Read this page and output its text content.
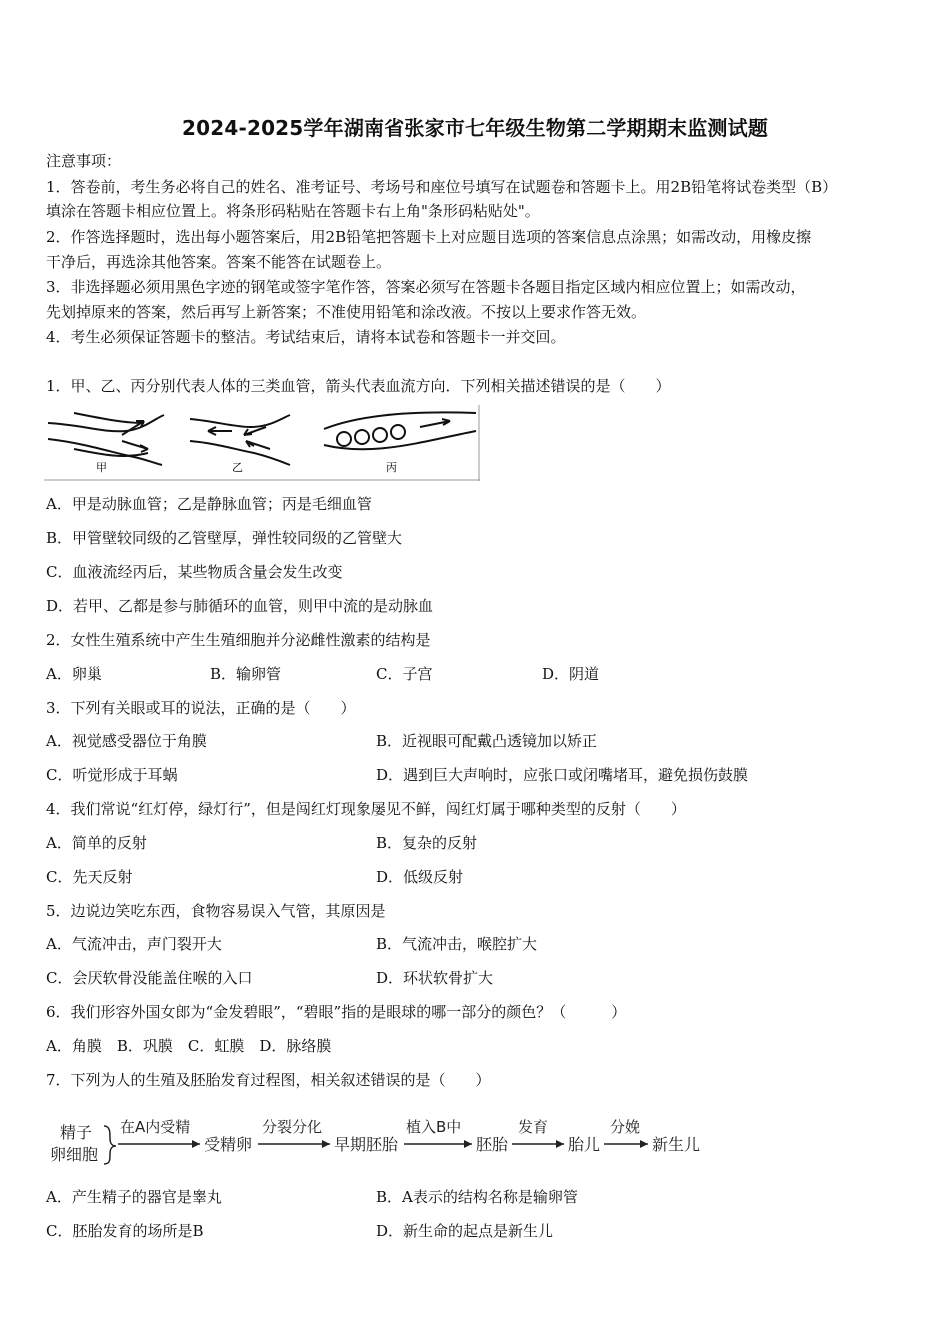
2024-2025学年湖南省张家市七年级生物第二学期期末监测试题
注意事项：
1．答卷前，考生务必将自己的姓名、准考证号、考场号和座位号填写在试题卷和答题卡上。用2B铅笔将试卷类型（B）
填涂在答题卡相应位置上。将条形码粘贴在答题卡右上角"条形码粘贴处"。
2．作答选择题时，选出每小题答案后，用2B铅笔把答题卡上对应题目选项的答案信息点涂黑；如需改动，用橡皮擦
干净后，再选涂其他答案。答案不能答在试题卷上。
3．非选择题必须用黑色字迹的钢笔或签字笔作答，答案必须写在答题卡各题目指定区域内相应位置上；如需改动，
先划掉原来的答案，然后再写上新答案；不准使用铅笔和涂改液。不按以上要求作答无效。
4．考生必须保证答题卡的整洁。考试结束后，请将本试卷和答题卡一并交回。
1．甲、乙、丙分别代表人体的三类血管，箭头代表血流方向．下列相关描述错误的是（　　）
甲	乙	丙
A．甲是动脉血管；乙是静脉血管；丙是毛细血管
B．甲管壁较同级的乙管壁厚，弹性较同级的乙管壁大
C．血液流经丙后，某些物质含量会发生改变
D．若甲、乙都是参与肺循环的血管，则甲中流的是动脉血
2．女性生殖系统中产生生殖细胞并分泌雌性激素的结构是
A．卵巢	B．输卵管	C．子宫	D．阴道
3．下列有关眼或耳的说法，正确的是（　　）
A．视觉感受器位于角膜	B．近视眼可配戴凸透镜加以矫正
C．听觉形成于耳蜗	D．遇到巨大声响时，应张口或闭嘴堵耳，避免损伤鼓膜
4．我们常说“红灯停，绿灯行”，但是闯红灯现象屡见不鲜，闯红灯属于哪种类型的反射（　　）
A．简单的反射	B．复杂的反射
C．先天反射	D．低级反射
5．边说边笑吃东西，食物容易误入气管，其原因是
A．气流冲击，声门裂开大	B．气流冲击，喉腔扩大
C．会厌软骨没能盖住喉的入口	D．环状软骨扩大
6．我们形容外国女郎为“金发碧眼”，“碧眼”指的是眼球的哪一部分的颜色？（　　　）
A．角膜　B．巩膜　C．虹膜　D．脉络膜
7．下列为人的生殖及胚胎发育过程图，相关叙述错误的是（　　）
精子
卵细胞
在A内受精
受精卵
分裂分化
早期胚胎
植入B中
胚胎
发育
胎儿
分娩
新生儿
A．产生精子的器官是睾丸	B．A表示的结构名称是输卵管
C．胚胎发育的场所是B	D．新生命的起点是新生儿
